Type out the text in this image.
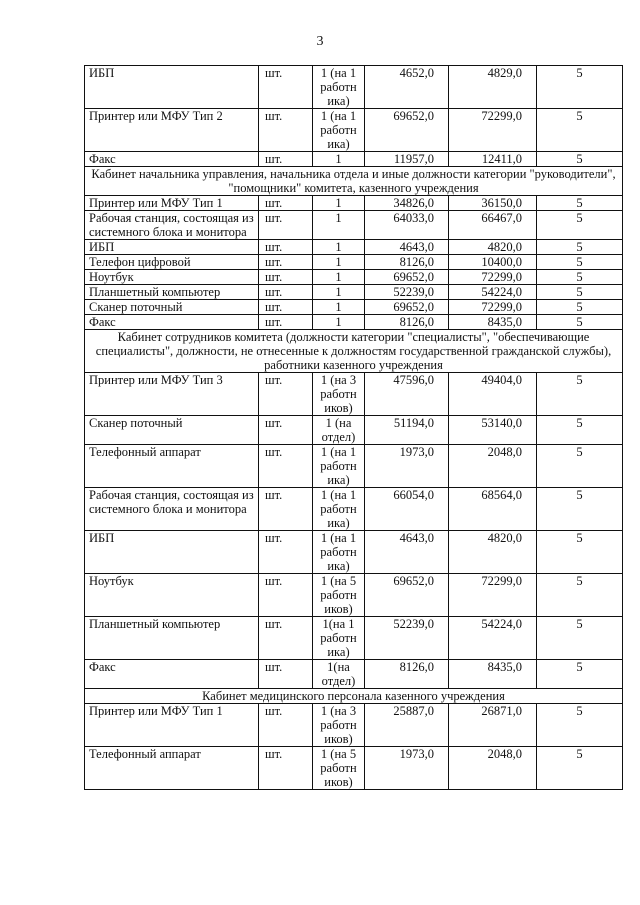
3
ИБП	шт.	1 (на 1 работн ика)	4652,0	4829,0	5
Принтер или МФУ Тип 2	шт.	1 (на 1 работн ика)	69652,0	72299,0	5
Факс	шт.	1	11957,0	12411,0	5
Кабинет начальника управления, начальника отдела и иные должности категории "руководители", "помощники" комитета, казенного учреждения					
Принтер или МФУ Тип 1	шт.	1	34826,0	36150,0	5
Рабочая станция, состоящая из системного блока и монитора	шт.	1	64033,0	66467,0	5
ИБП	шт.	1	4643,0	4820,0	5
Телефон цифровой	шт.	1	8126,0	10400,0	5
Ноутбук	шт.	1	69652,0	72299,0	5
Планшетный компьютер	шт.	1	52239,0	54224,0	5
Сканер поточный	шт.	1	69652,0	72299,0	5
Факс	шт.	1	8126,0	8435,0	5
Кабинет сотрудников комитета (должности категории "специалисты", "обеспечивающие специалисты", должности, не отнесенные к должностям государственной гражданской службы), работники казенного учреждения					
Принтер или МФУ Тип 3	шт.	1 (на 3 работн иков)	47596,0	49404,0	5
Сканер поточный	шт.	1 (на отдел)	51194,0	53140,0	5
Телефонный аппарат	шт.	1 (на 1 работн ика)	1973,0	2048,0	5
Рабочая станция, состоящая из системного блока и монитора	шт.	1 (на 1 работн ика)	66054,0	68564,0	5
ИБП	шт.	1 (на 1 работн ика)	4643,0	4820,0	5
Ноутбук	шт.	1 (на 5 работн иков)	69652,0	72299,0	5
Планшетный компьютер	шт.	1(на 1 работн ика)	52239,0	54224,0	5
Факс	шт.	1(на отдел)	8126,0	8435,0	5
Кабинет медицинского персонала казенного учреждения					
Принтер или МФУ Тип 1	шт.	1 (на 3 работн иков)	25887,0	26871,0	5
Телефонный аппарат	шт.	1 (на 5 работн иков)	1973,0	2048,0	5
